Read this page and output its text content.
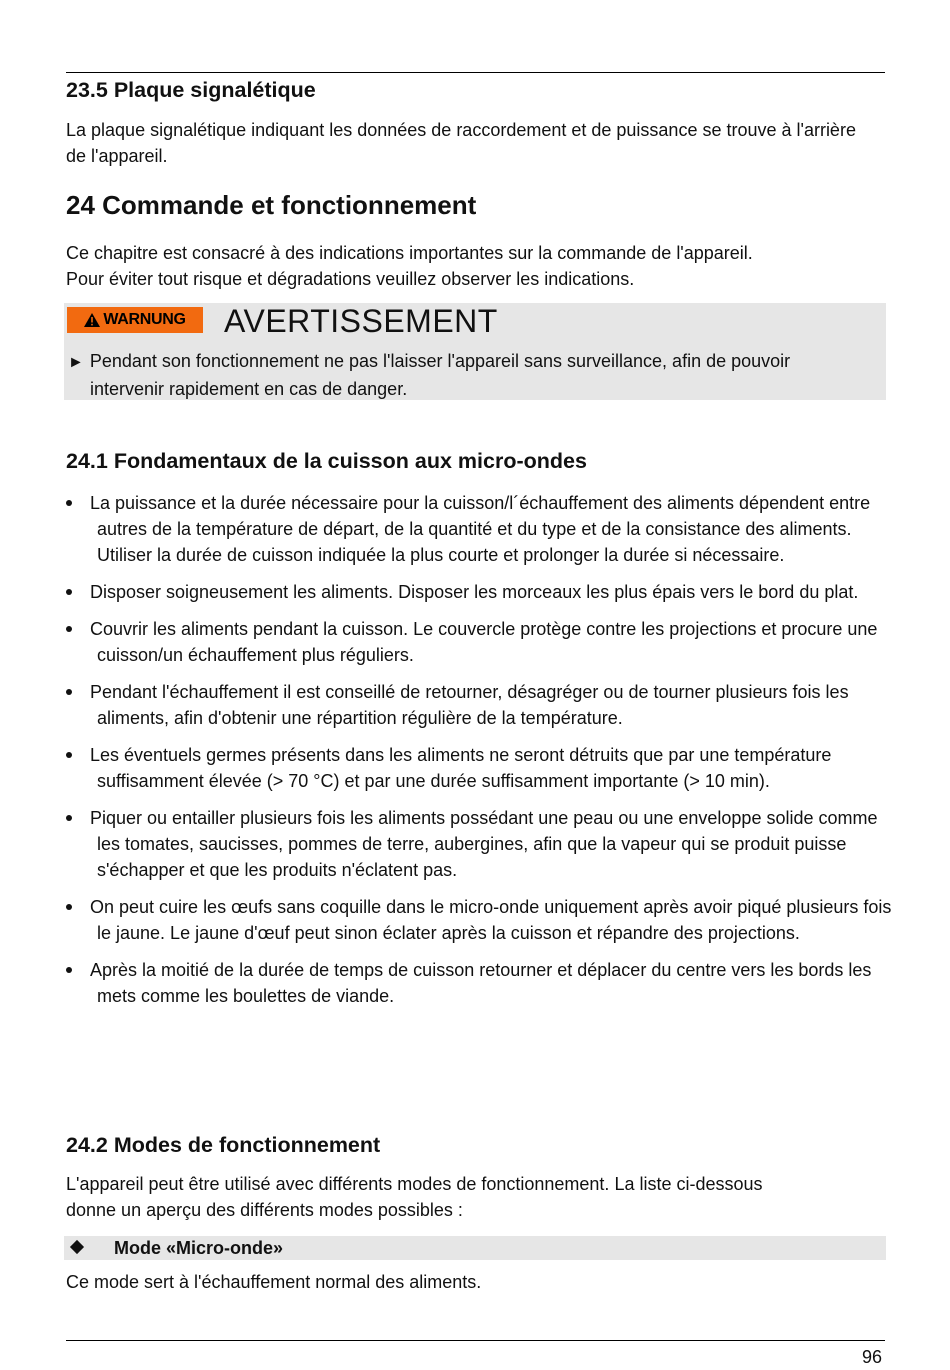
23.5 Plaque signalétique

La plaque signalétique indiquant les données de raccordement et de puissance se trouve à l'arrière de l'appareil.

24 Commande et fonctionnement

Ce chapitre est consacré à des indications importantes sur la commande de l'appareil.
Pour éviter tout risque et dégradations veuillez observer les indications.

WARNUNG AVERTISSEMENT
► Pendant son fonctionnement ne pas l'laisser l'appareil sans surveillance, afin de pouvoir
intervenir rapidement en cas de danger.
24.1 Fondamentaux de la cuisson aux micro-ondes
La puissance et la durée nécessaire pour la cuisson/l´échauffement des aliments dépendent entre autres de la température de départ, de la quantité et du type et de la consistance des aliments. Utiliser la durée de cuisson indiquée la plus courte et prolonger la durée si nécessaire.
Disposer soigneusement les aliments. Disposer les morceaux les plus épais vers le bord du plat.
Couvrir les aliments pendant la cuisson. Le couvercle protège contre les projections et procure une cuisson/un échauffement plus réguliers.
Pendant l'échauffement il est conseillé de retourner, désagréger ou de tourner plusieurs fois les aliments, afin d'obtenir une répartition régulière de la température.
Les éventuels germes présents dans les aliments ne seront détruits que par une température suffisamment élevée (> 70 °C) et par une durée suffisamment importante (> 10 min).
Piquer ou entailler plusieurs fois les aliments possédant une peau ou une enveloppe solide comme les tomates, saucisses, pommes de terre, aubergines, afin que la vapeur qui se produit puisse s'échapper et que les produits n'éclatent pas.
On peut cuire les œufs sans coquille dans le micro-onde uniquement après avoir piqué plusieurs fois le jaune. Le jaune d'œuf peut sinon éclater après la cuisson et répandre des projections.
Après la moitié de la durée de temps de cuisson retourner et déplacer du centre vers les bords les mets comme les boulettes de viande.
24.2 Modes de fonctionnement

L'appareil peut être utilisé avec différents modes de fonctionnement. La liste ci-dessous
donne un aperçu des différents modes possibles :

Mode «Micro-onde»

Ce mode sert à l'échauffement normal des aliments.

96
